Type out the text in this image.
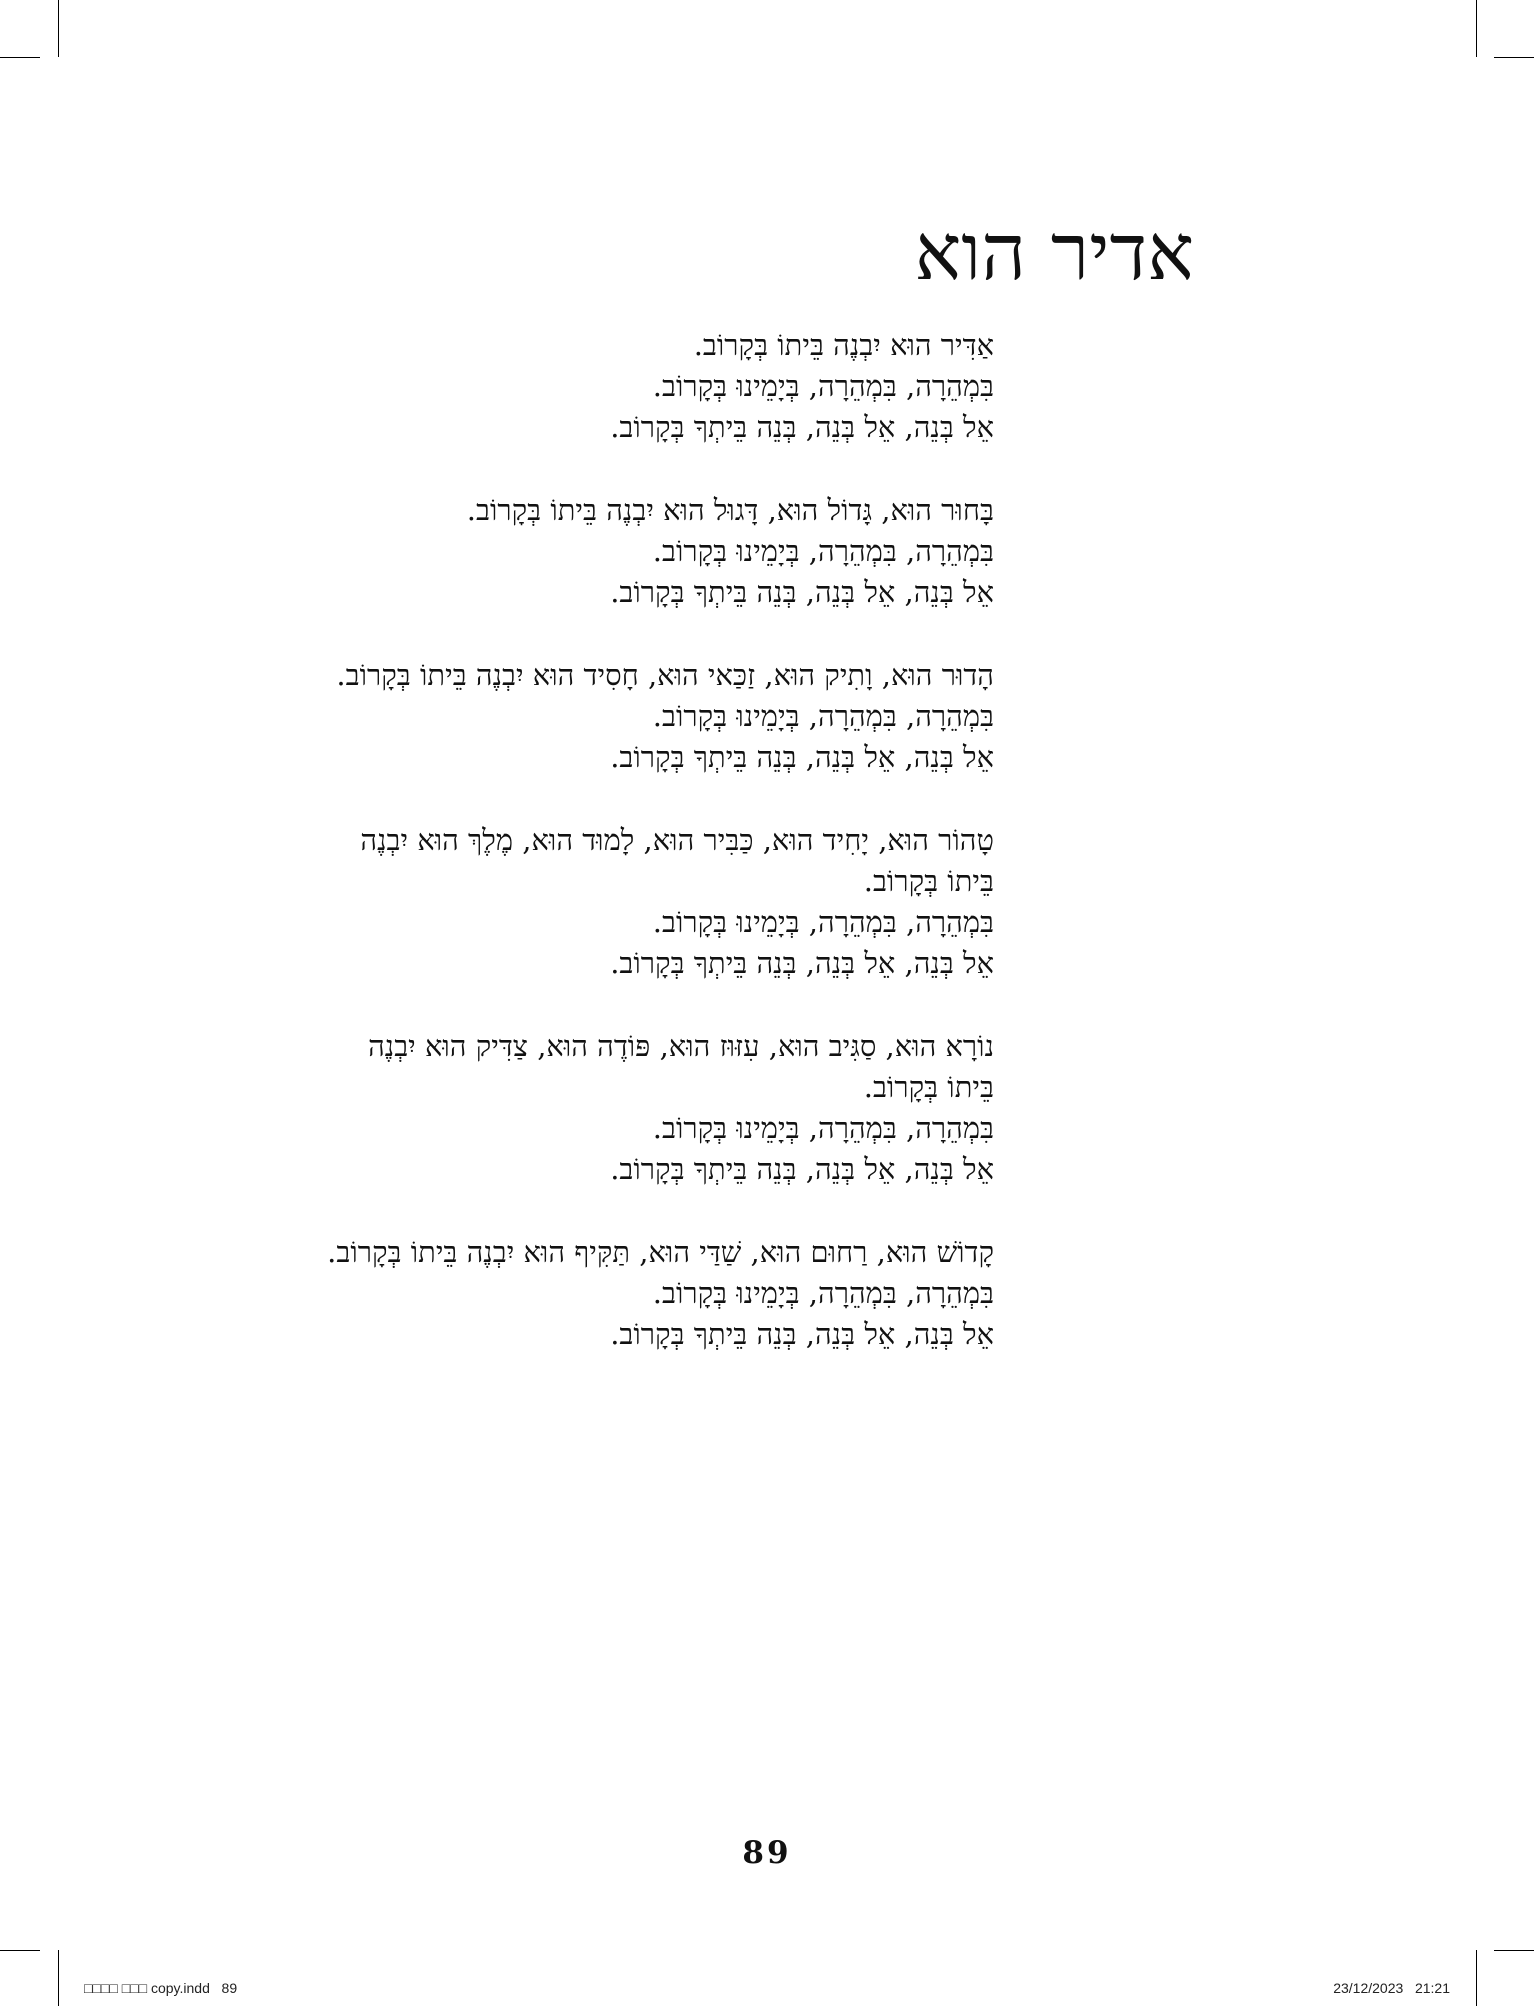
אדיר הוא
אַדִּיר הוּא יִבְנֶה בֵּיתוֹ בְּקָרוֹב.
בִּמְהֵרָה, בִּמְהֵרָה, בְּיָמֵינוּ בְּקָרוֹב.
אֵל בְּנֵה, אֵל בְּנֵה, בְּנֵה בֵּיתְךָ בְּקָרוֹב.
בָּחוּר הוּא, גָּדוֹל הוּא, דָּגוּל הוּא יִבְנֶה בֵּיתוֹ בְּקָרוֹב.
בִּמְהֵרָה, בִּמְהֵרָה, בְּיָמֵינוּ בְּקָרוֹב.
אֵל בְּנֵה, אֵל בְּנֵה, בְּנֵה בֵּיתְךָ בְּקָרוֹב.
הָדוּר הוּא, וָתִיק הוּא, זַכַּאי הוּא, חָסִיד הוּא יִבְנֶה בֵּיתוֹ בְּקָרוֹב.
בִּמְהֵרָה, בִּמְהֵרָה, בְּיָמֵינוּ בְּקָרוֹב.
אֵל בְּנֵה, אֵל בְּנֵה, בְּנֵה בֵּיתְךָ בְּקָרוֹב.
טָהוֹר הוּא, יָחִיד הוּא, כַּבִּיר הוּא, לָמוּד הוּא, מֶלֶךְ הוּא יִבְנֶה
בֵּיתוֹ בְּקָרוֹב.
בִּמְהֵרָה, בִּמְהֵרָה, בְּיָמֵינוּ בְּקָרוֹב.
אֵל בְּנֵה, אֵל בְּנֵה, בְּנֵה בֵּיתְךָ בְּקָרוֹב.
נוֹרָא הוּא, סַגִּיב הוּא, עִזּוּז הוּא, פּוֹדֶה הוּא, צַדִּיק הוּא יִבְנֶה
בֵּיתוֹ בְּקָרוֹב.
בִּמְהֵרָה, בִּמְהֵרָה, בְּיָמֵינוּ בְּקָרוֹב.
אֵל בְּנֵה, אֵל בְּנֵה, בְּנֵה בֵּיתְךָ בְּקָרוֹב.
קָדוֹשׁ הוּא, רַחוּם הוּא, שַׁדַּי הוּא, תַּקִּיף הוּא יִבְנֶה בֵּיתוֹ בְּקָרוֹב.
בִּמְהֵרָה, בִּמְהֵרָה, בְּיָמֵינוּ בְּקָרוֹב.
אֵל בְּנֵה, אֵל בְּנֵה, בְּנֵה בֵּיתְךָ בְּקָרוֹב.
89
□□□□ □□□ copy.indd   89	23/12/2023   21:21
